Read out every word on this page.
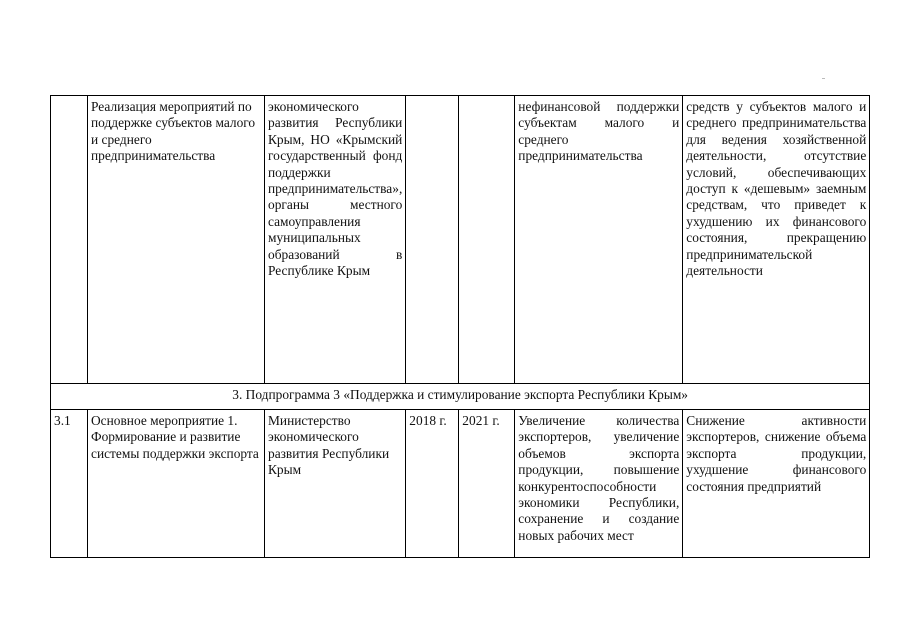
	Реализация мероприятий по поддержке субъектов малого и среднего предпринимательства	экономического развития Республики Крым, НО «Крымский государственный фонд поддержки предпринимательства», органы местного самоуправления муниципальных образований в Республике Крым			нефинансовой поддержки субъектам малого и среднего предпринимательства	средств у субъектов малого и среднего предпринимательства для ведения хозяйственной деятельности, отсутствие условий, обеспечивающих доступ к «дешевым» заемным средствам, что приведет к ухудшению их финансового состояния, прекращению предпринимательской деятельности
3. Подпрограмма 3 «Поддержка и стимулирование экспорта Республики Крым»						
3.1	Основное мероприятие 1. Формирование и развитие системы поддержки экспорта	Министерство экономического развития Республики Крым	2018 г.	2021 г.	Увеличение количества экспортеров, увеличение объемов экспорта продукции, повышение конкурентоспособности экономики Республики, сохранение и создание новых рабочих мест	Снижение активности экспортеров, снижение объема экспорта продукции, ухудшение финансового состояния предприятий
